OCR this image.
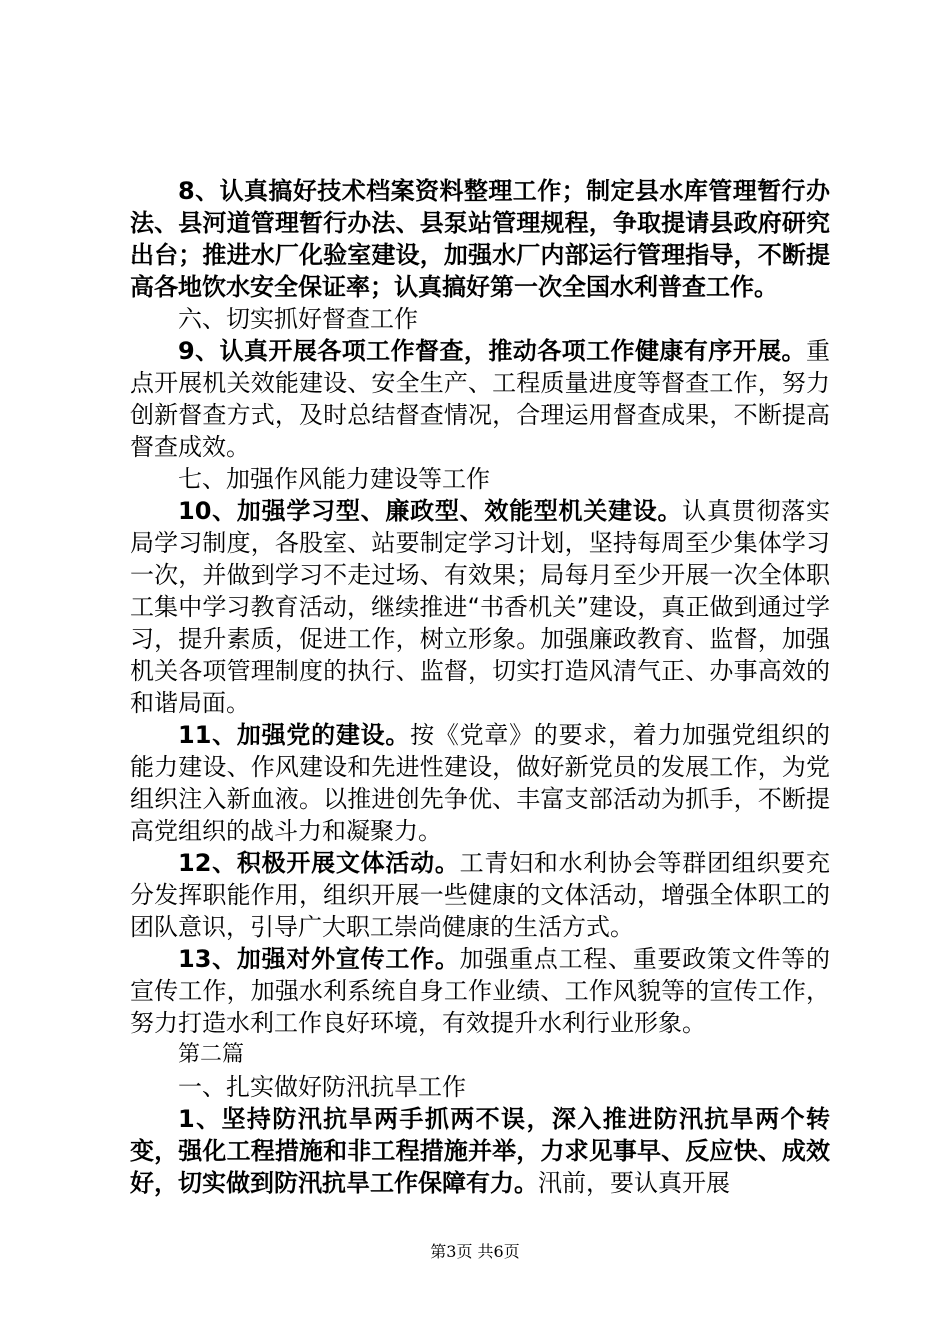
8、认真搞好技术档案资料整理工作；制定县水库管理暂行办法、县河道管理暂行办法、县泵站管理规程，争取提请县政府研究出台；推进水厂化验室建设，加强水厂内部运行管理指导，不断提高各地饮水安全保证率；认真搞好第一次全国水利普查工作。

六、切实抓好督查工作

9、认真开展各项工作督查，推动各项工作健康有序开展。重点开展机关效能建设、安全生产、工程质量进度等督查工作，努力创新督查方式，及时总结督查情况，合理运用督查成果，不断提高督查成效。

七、加强作风能力建设等工作

10、加强学习型、廉政型、效能型机关建设。认真贯彻落实局学习制度，各股室、站要制定学习计划，坚持每周至少集体学习一次，并做到学习不走过场、有效果；局每月至少开展一次全体职工集中学习教育活动，继续推进“书香机关”建设，真正做到通过学习，提升素质，促进工作，树立形象。加强廉政教育、监督，加强机关各项管理制度的执行、监督，切实打造风清气正、办事高效的和谐局面。

11、加强党的建设。按《党章》的要求，着力加强党组织的能力建设、作风建设和先进性建设，做好新党员的发展工作，为党组织注入新血液。以推进创先争优、丰富支部活动为抓手，不断提高党组织的战斗力和凝聚力。

12、积极开展文体活动。工青妇和水利协会等群团组织要充分发挥职能作用，组织开展一些健康的文体活动，增强全体职工的团队意识，引导广大职工崇尚健康的生活方式。

13、加强对外宣传工作。加强重点工程、重要政策文件等的宣传工作，加强水利系统自身工作业绩、工作风貌等的宣传工作，努力打造水利工作良好环境，有效提升水利行业形象。

第二篇

一、扎实做好防汛抗旱工作

1、坚持防汛抗旱两手抓两不误，深入推进防汛抗旱两个转变，强化工程措施和非工程措施并举，力求见事早、反应快、成效好，切实做到防汛抗旱工作保障有力。汛前，要认真开展

第3页 共6页
